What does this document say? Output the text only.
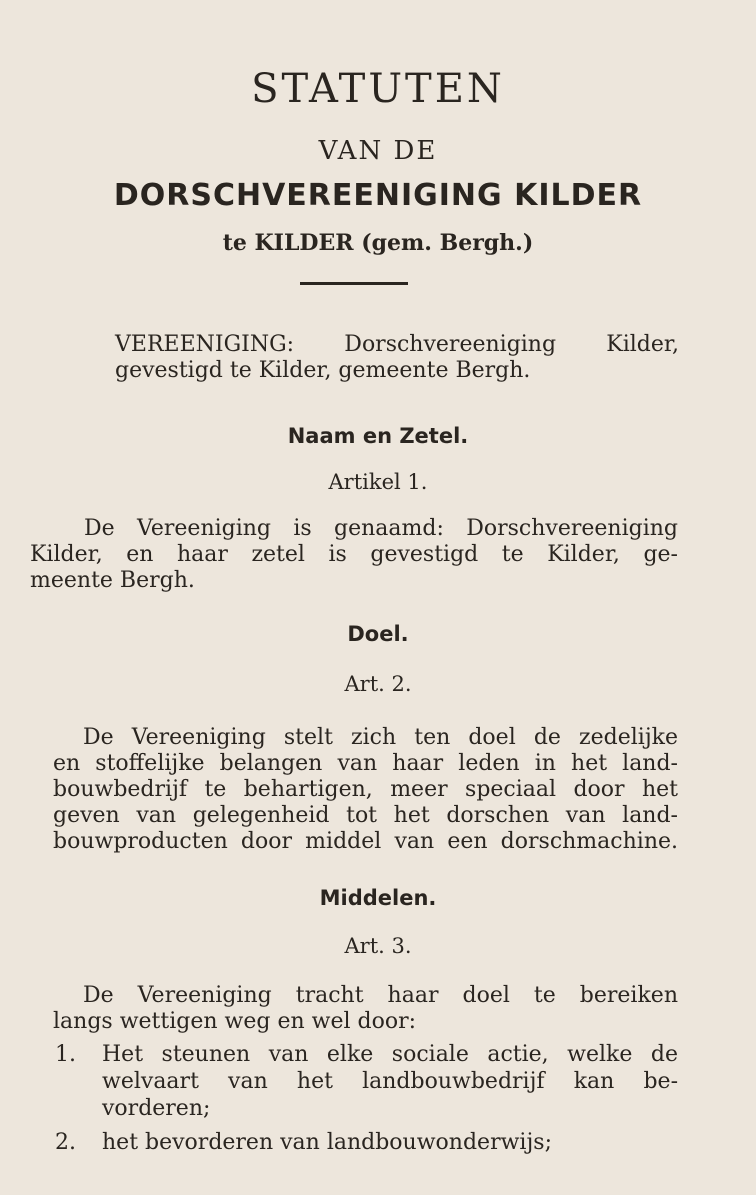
STATUTEN
VAN DE
DORSCHVEREENIGING KILDER
te KILDER (gem. Bergh.)
VEREENIGING: Dorschvereeniging Kilder,
gevestigd te Kilder, gemeente Bergh.
Naam en Zetel.
Artikel 1.
De Vereeniging is genaamd: Dorschvereeniging
Kilder, en haar zetel is gevestigd te Kilder, ge-
meente Bergh.
Doel.
Art. 2.
De Vereeniging stelt zich ten doel de zedelijke
en stoffelijke belangen van haar leden in het land-
bouwbedrijf te behartigen, meer speciaal door het
geven van gelegenheid tot het dorschen van land-
bouwproducten door middel van een dorschmachine.
Middelen.
Art. 3.
De Vereeniging tracht haar doel te bereiken
langs wettigen weg en wel door:
1. Het steunen van elke sociale actie, welke de
welvaart van het landbouwbedrijf kan be-
vorderen;
2. het bevorderen van landbouwonderwijs;
